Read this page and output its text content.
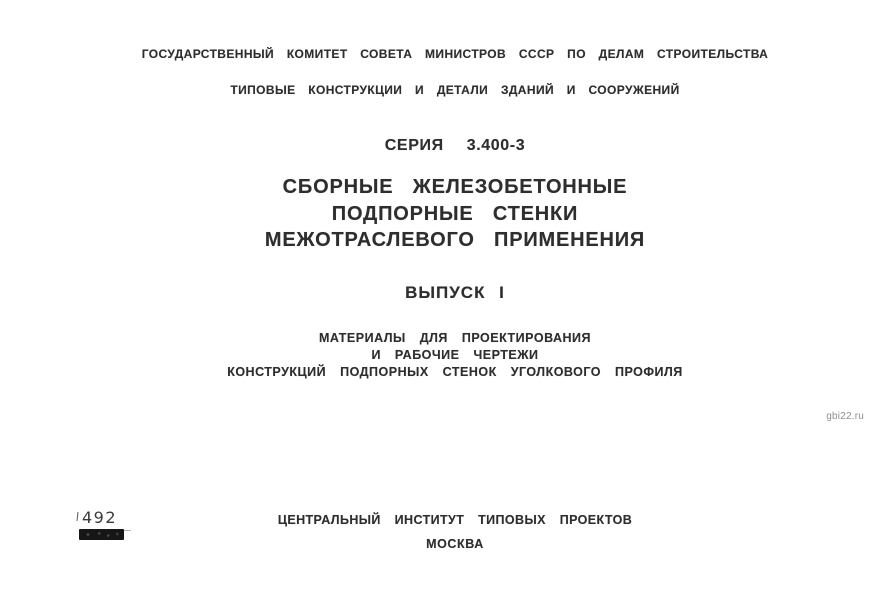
ГОСУДАРСТВЕННЫЙ КОМИТЕТ СОВЕТА МИНИСТРОВ СССР ПО ДЕЛАМ СТРОИТЕЛЬСТВА
ТИПОВЫЕ КОНСТРУКЦИИ И ДЕТАЛИ ЗДАНИЙ И СООРУЖЕНИЙ
СЕРИЯ 3.400-3
СБОРНЫЕ ЖЕЛЕЗОБЕТОННЫЕ
ПОДПОРНЫЕ СТЕНКИ
МЕЖОТРАСЛЕВОГО ПРИМЕНЕНИЯ
ВЫПУСК I
МАТЕРИАЛЫ ДЛЯ ПРОЕКТИРОВАНИЯ
И РАБОЧИЕ ЧЕРТЕЖИ
КОНСТРУКЦИЙ ПОДПОРНЫХ СТЕНОК УГОЛКОВОГО ПРОФИЛЯ
gbi22.ru
492	ЦЕНТРАЛЬНЫЙ ИНСТИТУТ ТИПОВЫХ ПРОЕКТОВ
МОСКВА
